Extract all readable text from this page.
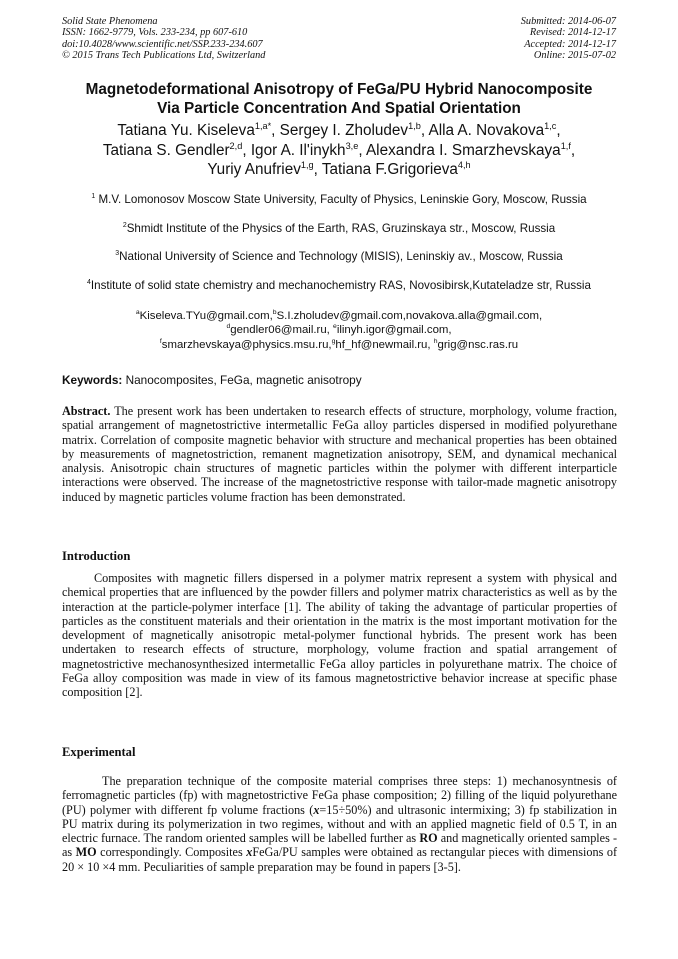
Solid State Phenomena
ISSN: 1662-9779, Vols. 233-234, pp 607-610
doi:10.4028/www.scientific.net/SSP.233-234.607
© 2015 Trans Tech Publications Ltd, Switzerland
Submitted: 2014-06-07
Revised: 2014-12-17
Accepted: 2014-12-17
Online: 2015-07-02
Magnetodeformational Anisotropy of FeGa/PU Hybrid Nanocomposite
Via Particle Concentration And Spatial Orientation
Tatiana Yu. Kiseleva$^{1,a*}$, Sergey I. Zholudev$^{1,b}$, Alla A. Novakova$^{1,c}$,
Tatiana S. Gendler$^{2,d}$, Igor A. Il'inykh$^{3,e}$, Alexandra I. Smarzhevskaya$^{1,f}$,
Yuriy Anufriev$^{1,g}$, Tatiana F.Grigorieva$^{4,h}$
$^1$ M.V. Lomonosov Moscow State University, Faculty of Physics, Leninskie Gory, Moscow, Russia
$^2$Shmidt Institute of the Physics of the Earth, RAS, Gruzinskaya str., Moscow, Russia
$^3$National University of Science and Technology (MISIS), Leninskiy av., Moscow, Russia
$^4$Institute of solid state chemistry and mechanochemistry RAS, Novosibirsk,Kutateladze str, Russia
$^a$Kiseleva.TYu@gmail.com,$^b$S.I.zholudev@gmail.com,novakova.alla@gmail.com,
$^d$gendler06@mail.ru, $^e$ilinyh.igor@gmail.com,
$^f$smarzhevskaya@physics.msu.ru,$^g$hf_hf@newmail.ru, $^h$grig@nsc.ras.ru
Keywords: Nanocomposites, FeGa, magnetic anisotropy
Abstract. The present work has been undertaken to research effects of structure, morphology, volume fraction, spatial arrangement of magnetostrictive intermetallic FeGa alloy particles dispersed in modified polyurethane matrix. Correlation of composite magnetic behavior with structure and mechanical properties has been obtained by measurements of magnetostriction, remanent magnetization anisotropy, SEM, and dynamical mechanical analysis. Anisotropic chain structures of magnetic particles within the polymer with different interparticle interactions were observed. The increase of the magnetostrictive response with tailor-made magnetic anisotropy induced by magnetic particles volume fraction has been demonstrated.
Introduction
Composites with magnetic fillers dispersed in a polymer matrix represent a system with physical and chemical properties that are influenced by the powder fillers and polymer matrix characteristics as well as by the interaction at the particle-polymer interface [1]. The ability of taking the advantage of particular properties of particles as the constituent materials and their orientation in the matrix is the most important motivation for the development of magnetically anisotropic metal-polymer functional hybrids. The present work has been undertaken to research effects of structure, morphology, volume fraction and spatial arrangement of magnetostrictive mechanosynthesized intermetallic FeGa alloy particles in polyurethane matrix. The choice of FeGa alloy composition was made in view of its famous magnetostrictive behavior increase at specific phase composition [2].
Experimental
The preparation technique of the composite material comprises three steps: 1) mechanosyntnesis of ferromagnetic particles (fp) with magnetostrictive FeGa phase composition; 2) filling of the liquid polyurethane (PU) polymer with different fp volume fractions (x=15÷50%) and ultrasonic intermixing; 3) fp stabilization in PU matrix during its polymerization in two regimes, without and with an applied magnetic field of 0.5 T, in an electric furnace. The random oriented samples will be labelled further as RO and magnetically oriented samples - as MO correspondingly. Composites xFeGa/PU samples were obtained as rectangular pieces with dimensions of 20 × 10 ×4 mm. Peculiarities of sample preparation may be found in papers [3-5].
